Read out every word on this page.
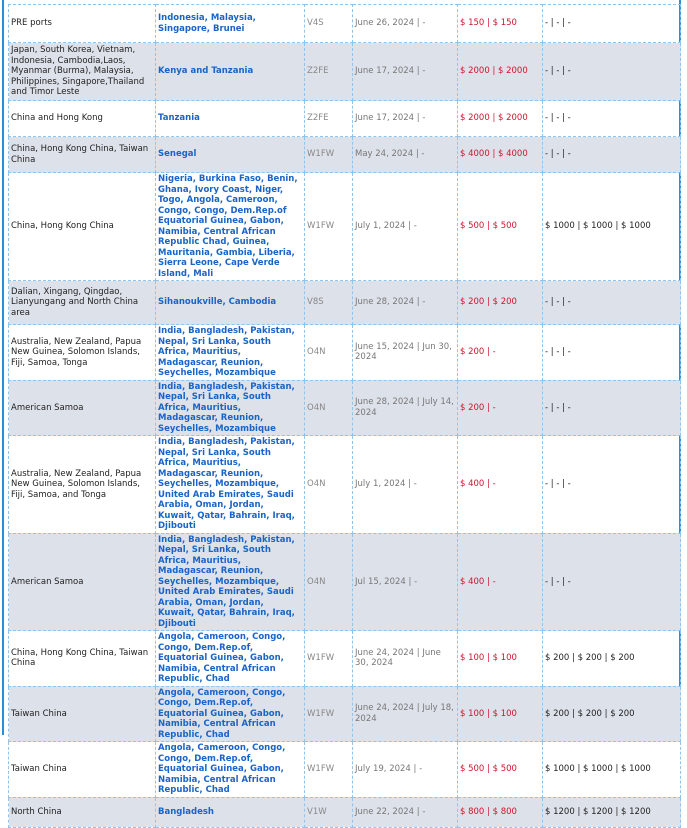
PRE ports	Indonesia, Malaysia, Singapore, Brunei	V4S	June 26, 2024 | -	$ 150 | $ 150	- | - | -
Japan, South Korea, Vietnam, Indonesia, Cambodia,Laos, Myanmar (Burma), Malaysia, Philippines, Singapore,Thailand and Timor Leste	Kenya and Tanzania	Z2FE	June 17, 2024 | -	$ 2000 | $ 2000	- | - | -
China and Hong Kong	Tanzania	Z2FE	June 17, 2024 | -	$ 2000 | $ 2000	- | - | -
China, Hong Kong China, Taiwan China	Senegal	W1FW	May 24, 2024 | -	$ 4000 | $ 4000	- | - | -
China, Hong Kong China	Nigeria, Burkina Faso, Benin, Ghana, Ivory Coast, Niger, Togo, Angola, Cameroon, Congo, Congo, Dem.Rep.of Equatorial Guinea, Gabon, Namibia, Central African Republic Chad, Guinea, Mauritania, Gambia, Liberia, Sierra Leone, Cape Verde Island, Mali	W1FW	July 1, 2024 | -	$ 500 | $ 500	$ 1000 | $ 1000 | $ 1000
Dalian, Xingang, Qingdao, Lianyungang and North China area	Sihanoukville, Cambodia	V8S	June 28, 2024 | -	$ 200 | $ 200	- | - | -
Australia, New Zealand, Papua New Guinea, Solomon Islands, Fiji, Samoa, Tonga	India, Bangladesh, Pakistan, Nepal, Sri Lanka, South Africa, Mauritius, Madagascar, Reunion, Seychelles, Mozambique	O4N	June 15, 2024 | Jun 30, 2024	$ 200 | -	- | - | -
American Samoa	India, Bangladesh, Pakistan, Nepal, Sri Lanka, South Africa, Mauritius, Madagascar, Reunion, Seychelles, Mozambique	O4N	June 28, 2024 | July 14, 2024	$ 200 | -	- | - | -
Australia, New Zealand, Papua New Guinea, Solomon Islands, Fiji, Samoa, and Tonga	India, Bangladesh, Pakistan, Nepal, Sri Lanka, South Africa, Mauritius, Madagascar, Reunion, Seychelles, Mozambique, United Arab Emirates, Saudi Arabia, Oman, Jordan, Kuwait, Qatar, Bahrain, Iraq, Djibouti	O4N	July 1, 2024 | -	$ 400 | -	- | - | -
American Samoa	India, Bangladesh, Pakistan, Nepal, Sri Lanka, South Africa, Mauritius, Madagascar, Reunion, Seychelles, Mozambique, United Arab Emirates, Saudi Arabia, Oman, Jordan, Kuwait, Qatar, Bahrain, Iraq, Djibouti	O4N	Jul 15, 2024 | -	$ 400 | -	- | - | -
China, Hong Kong China, Taiwan China	Angola, Cameroon, Congo, Congo, Dem.Rep.of, Equatorial Guinea, Gabon, Namibia, Central African Republic, Chad	W1FW	June 24, 2024 | June 30, 2024	$ 100 | $ 100	$ 200 | $ 200 | $ 200
Taiwan China	Angola, Cameroon, Congo, Congo, Dem.Rep.of, Equatorial Guinea, Gabon, Namibia, Central African Republic, Chad	W1FW	June 24, 2024 | July 18, 2024	$ 100 | $ 100	$ 200 | $ 200 | $ 200
Taiwan China	Angola, Cameroon, Congo, Congo, Dem.Rep.of, Equatorial Guinea, Gabon, Namibia, Central African Republic, Chad	W1FW	July 19, 2024 | -	$ 500 | $ 500	$ 1000 | $ 1000 | $ 1000
North China	Bangladesh	V1W	June 22, 2024 | -	$ 800 | $ 800	$ 1200 | $ 1200 | $ 1200
